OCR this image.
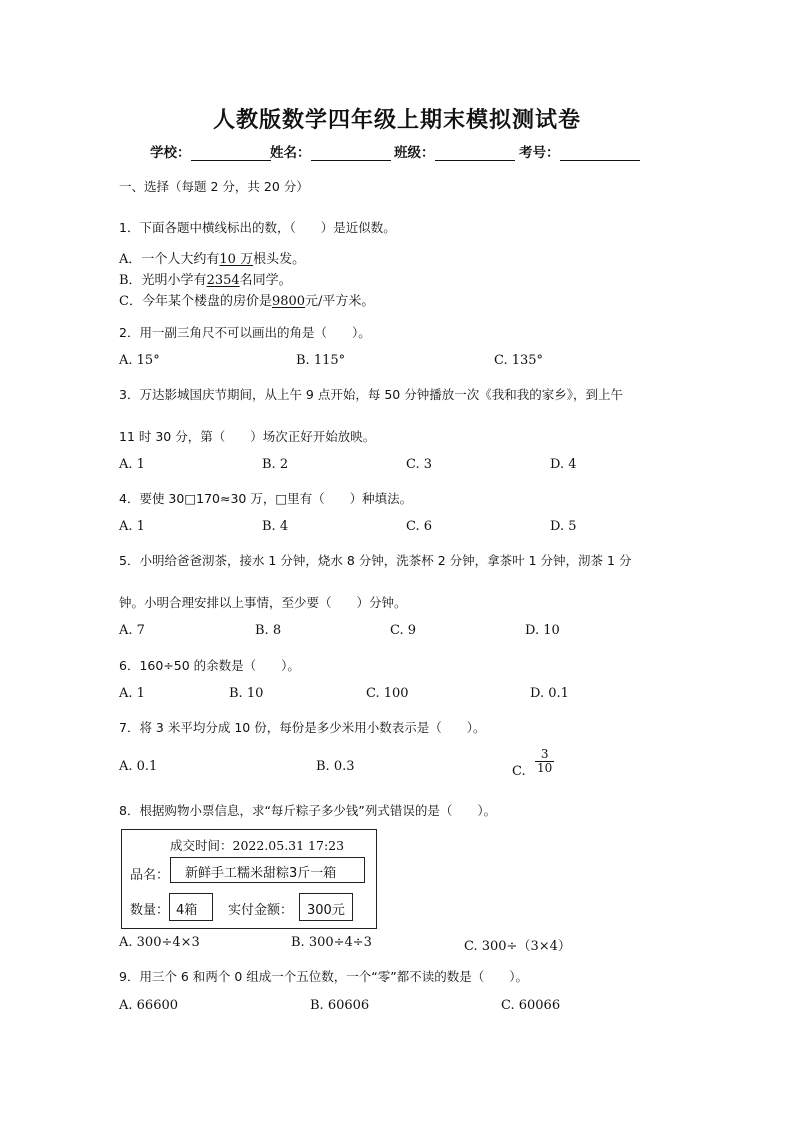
人教版数学四年级上期末模拟测试卷
学校：	姓名：	班级：	考号：
一、选择（每题 2 分，共 20 分）
1．下面各题中横线标出的数，（　　）是近似数。
A．一个人大约有10 万根头发。
B．光明小学有2354名同学。
C．今年某个楼盘的房价是9800元/平方米。
2．用一副三角尺不可以画出的角是（　　）。
A. 15°	B. 115°	C. 135°
3．万达影城国庆节期间，从上午 9 点开始，每 50 分钟播放一次《我和我的家乡》，到上午
11 时 30 分，第（　　）场次正好开始放映。
A. 1	B. 2	C. 3	D. 4
4．要使 30□170≈30 万，□里有（　　）种填法。
A. 1	B. 4	C. 6	D. 5
5．小明给爸爸沏茶，接水 1 分钟，烧水 8 分钟，洗茶杯 2 分钟，拿茶叶 1 分钟，沏茶 1 分
钟。小明合理安排以上事情，至少要（　　）分钟。
A. 7	B. 8	C. 9	D. 10
6．160÷50 的余数是（　　）。
A. 1	B. 10	C. 100	D. 0.1
7．将 3 米平均分成 10 份，每份是多少米用小数表示是（　　）。
A. 0.1	B. 0.3	C. $\frac{3}{10}$
8．根据购物小票信息，求“每斤粽子多少钱”列式错误的是（　　）。
成交时间：2022.05.31 17:23
品名： 新鲜手工糯米甜粽3斤一箱
数量： 4箱 实付金额： 300元
A. 300÷4×3	B. 300÷4÷3	C. 300÷（3×4）
9．用三个 6 和两个 0 组成一个五位数，一个“零”都不读的数是（　　）。
A. 66600	B. 60606	C. 60066
